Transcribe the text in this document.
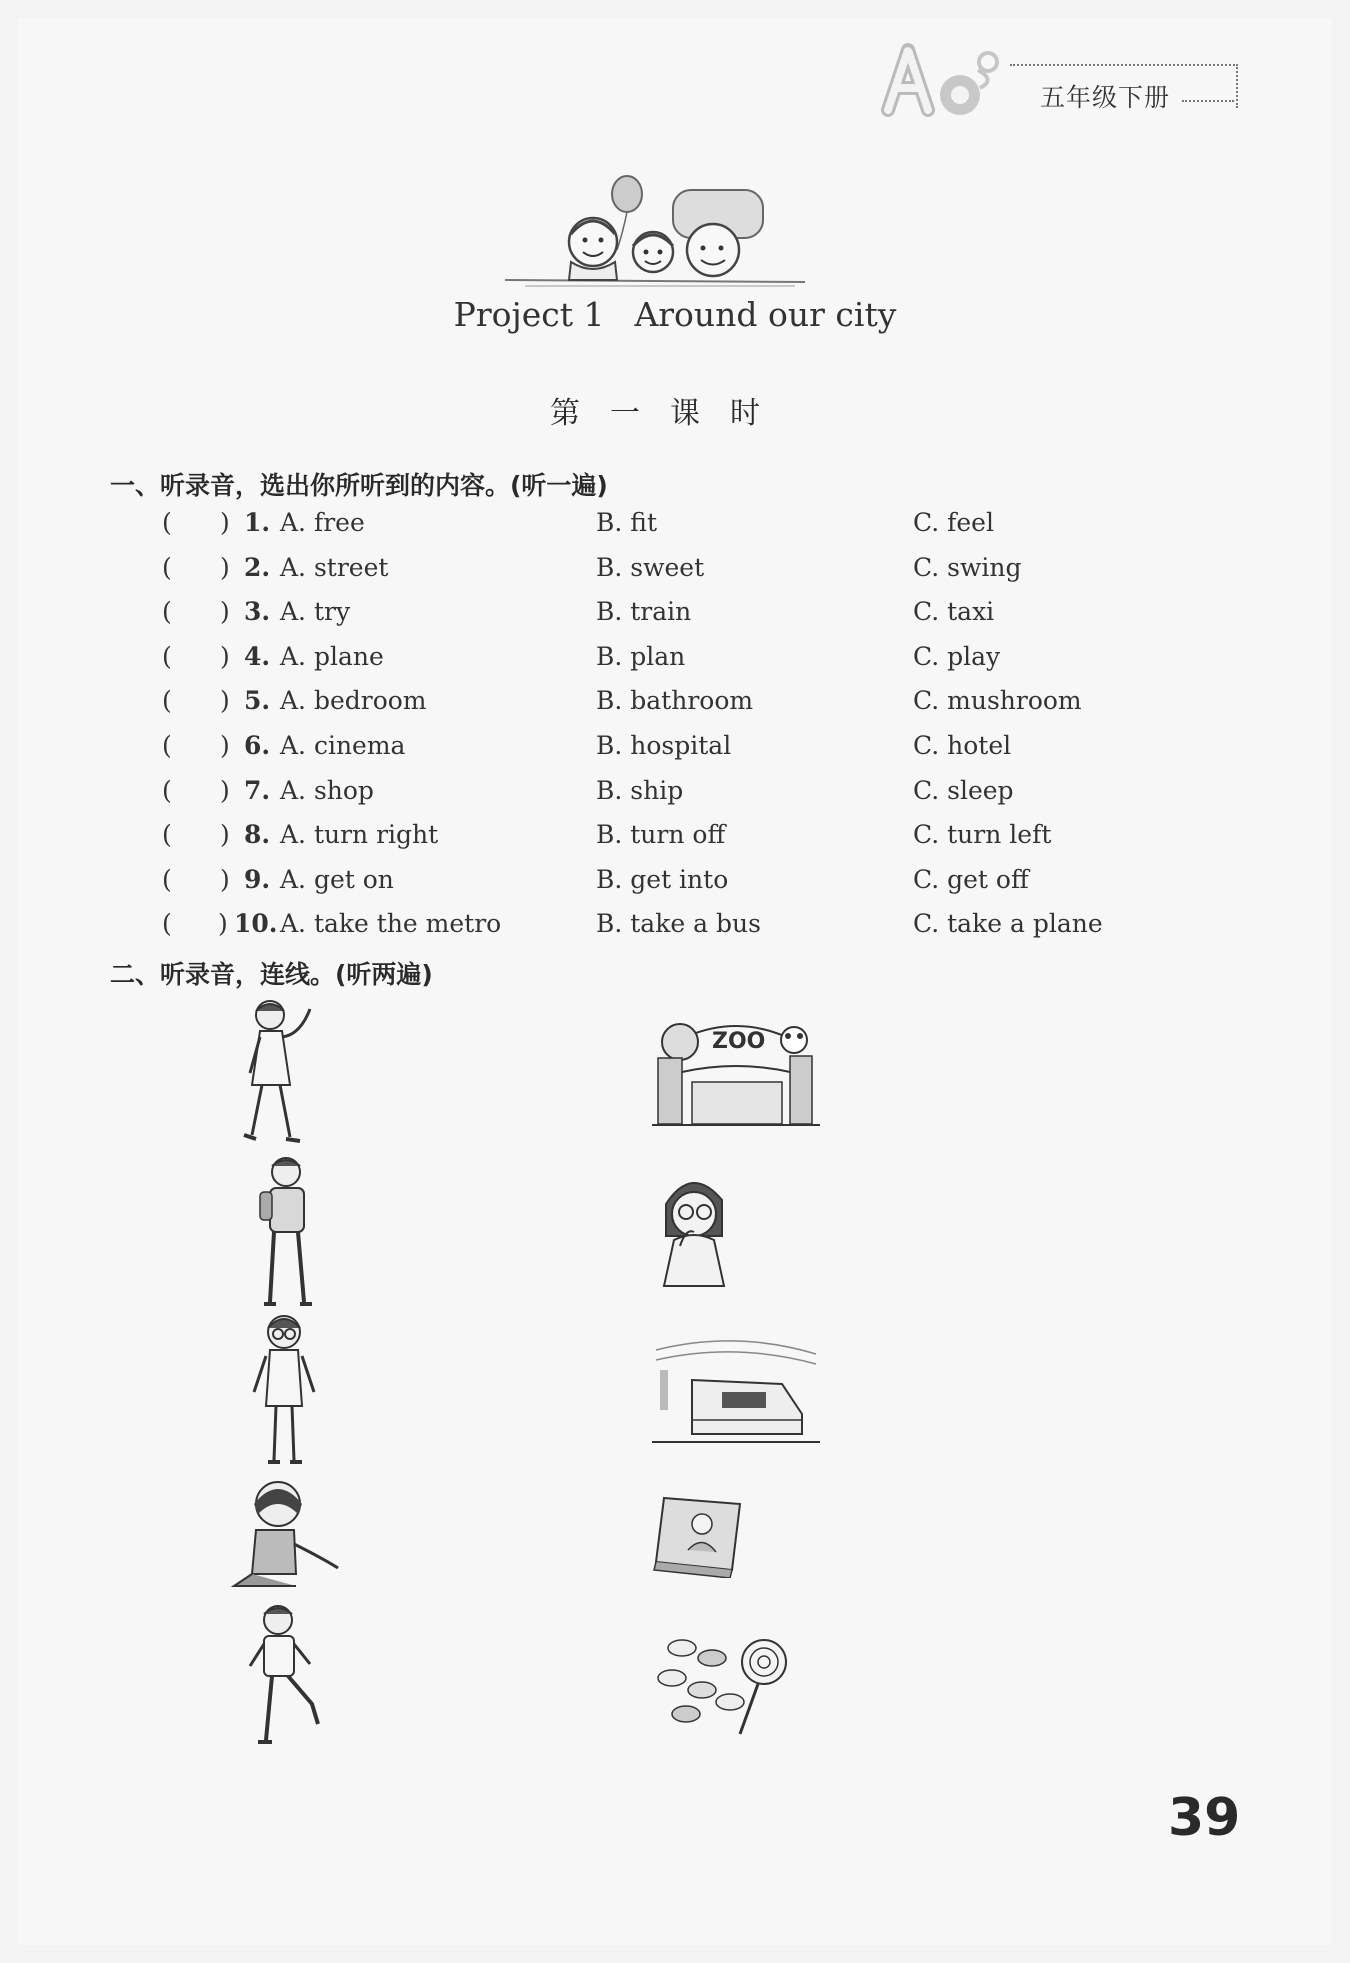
五年级下册
Project 1 Around our city
第一课时
一、听录音，选出你所听到的内容。(听一遍)
( ) 1. A. free	B. fit	C. feel
( ) 2. A. street	B. sweet	C. swing
( ) 3. A. try	B. train	C. taxi
( ) 4. A. plane	B. plan	C. play
( ) 5. A. bedroom	B. bathroom	C. mushroom
( ) 6. A. cinema	B. hospital	C. hotel
( ) 7. A. shop	B. ship	C. sleep
( ) 8. A. turn right	B. turn off	C. turn left
( ) 9. A. get on	B. get into	C. get off
( ) 10. A. take the metro	B. take a bus	C. take a plane
二、听录音，连线。(听两遍)
ZOO
39
